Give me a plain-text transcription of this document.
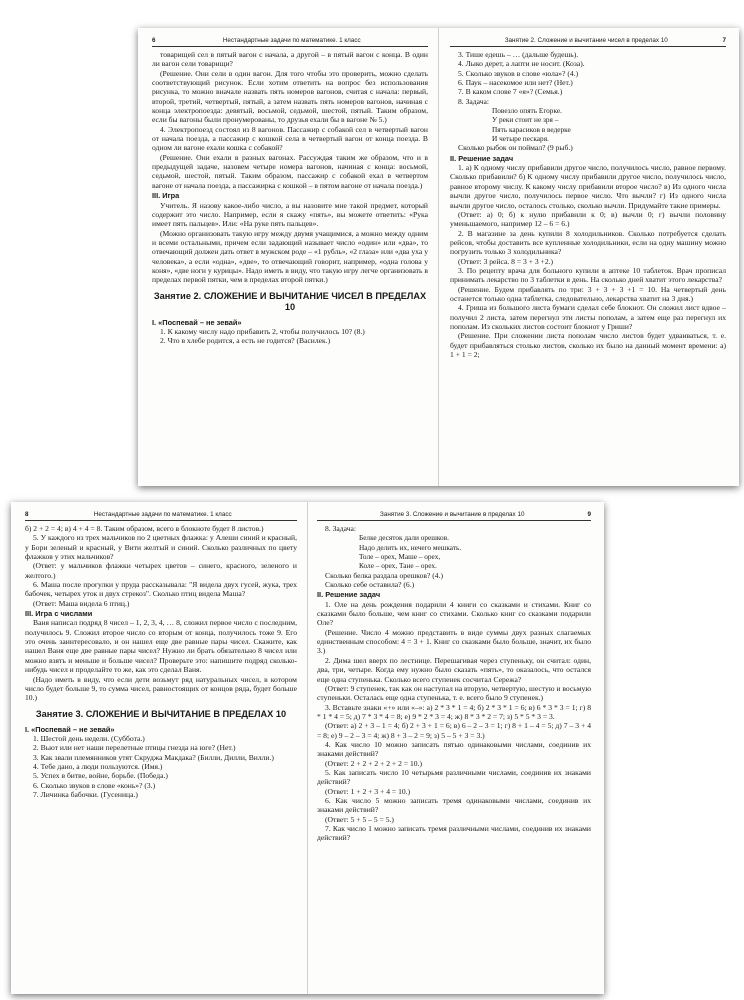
6	Нестандартные задачи по математике. 1 класс

товарищей сел в пятый вагон с начала, а другой – в пятый вагон с конца. В один ли вагон сели товарищи?

(Решение. Они сели в один вагон. Для того чтобы это проверить, можно сделать соответствующий рисунок. Если хотим ответить на вопрос без использования рисунка, то можно вначале назвать пять номеров вагонов, считая с начала: первый, второй, третий, четвертый, пятый, а затем назвать пять номеров вагонов, начиная с конца электропоезда: девятый, восьмой, седьмой, шестой, пятый. Таким образом, если бы вагоны были пронумерованы, то друзья ехали бы в вагоне № 5.)

4. Электропоезд состоял из 8 вагонов. Пассажир с собакой сел в четвертый вагон от начала поезда, а пассажир с кошкой села в четвертый вагон от конца поезда. В одном ли вагоне ехали кошка с собакой?

(Решение. Они ехали в разных вагонах. Рассуждая таким же образом, что и в предыдущей задаче, назовем четыре номера вагонов, начиная с конца: восьмой, седьмой, шестой, пятый. Таким образом, пассажир с собакой ехал в четвертом вагоне от начала поезда, а пассажирка с кошкой – в пятом вагоне от начала поезда.)

III. Игра

Учитель. Я назову какое-либо число, а вы назовите мне такой предмет, который содержит это число. Например, если я скажу «пять», вы можете ответить: «Рука имеет пять пальцев». Или: «На руке пять пальцев».

(Можно организовать такую игру между двумя учащимися, а можно между одним и всеми остальными, причем если задающий называет число «один» или «два», то отвечающий должен дать ответ в мужском роде – «1 рубль», «2 глаза» или «два уха у человека», а если «одна», «две», то отвечающий говорит, например, «одна голова у коня», «две ноги у курицы». Надо иметь в виду, что такую игру легче организовать в пределах первой пятки, чем в пределах второй пятки.)

Занятие 2. СЛОЖЕНИЕ И ВЫЧИТАНИЕ ЧИСЕЛ В ПРЕДЕЛАХ 10

I. «Поспевай – не зевай»

1. К какому числу надо прибавить 2, чтобы получилось 10? (8.)

2. Что в хлебе родится, а есть не годится? (Василек.)

Занятие 2. Сложение и вычитание чисел в пределах 10	7

3. Тише едешь – … (дальше будешь).

4. Лыко дерет, а лапти не носит. (Коза).

5. Сколько звуков в слове «юла»? (4.)

6. Паук – насекомое или нет? (Нет.)

7. В каком слове 7 «я»? (Семья.)

8. Задача:

Повезло опять Егорке.

У реки стоит не зря –

Пять карасиков в ведерке

И четыре пескаря.

Сколько рыбок он поймал? (9 рыб.)

II. Решение задач

1. а) К одному числу прибавили другое число, получилось число, равное первому. Сколько прибавили? б) К одному числу прибавили другое число, получилось число, равное второму числу. К какому числу прибавили второе число? в) Из одного числа вычли другое число, получилось первое число. Что вычли? г) Из одного числа вычли другое число, осталось столько, сколько вычли. Придумайте такие примеры.

(Ответ: а) 0; б) к нулю прибавили к 0; в) вычли 0; г) вычли половину уменьшаемого, например 12 – 6 = 6.)

2. В магазине за день купили 8 холодильников. Сколько потребуется сделать рейсов, чтобы доставить все купленные холодильники, если на одну машину можно погрузить только 3 холодильника?

(Ответ: 3 рейса. 8 = 3 + 3 +2.)

3. По рецепту врача для больного купили в аптеке 10 таблеток. Врач прописал принимать лекарство по 3 таблетки в день. На сколько дней хватит этого лекарства?

(Решение. Будем прибавлять по три: 3 + 3 + 3 +1 = 10. На четвертый день останется только одна таблетка, следовательно, лекарства хватит на 3 дня.)

4. Гриша из большого листа бумаги сделал себе блокнот. Он сложил лист вдвое – получил 2 листа, затем перегнул эти листы пополам, а затем еще раз перегнул их пополам. Из скольких листов состоит блокнот у Гриши?

(Решение. При сложении листа пополам число листов будет удваиваться, т. е. будет прибавляться столько листов, сколько их было на данный момент времени: а) 1 + 1 = 2;

8	Нестандартные задачи по математике. 1 класс

б) 2 + 2 = 4; в) 4 + 4 = 8. Таким образом, всего в блокноте будет 8 листов.)

5. У каждого из трех мальчиков по 2 цветных флажка: у Алеши синий и красный, у Бори зеленый и красный, у Вити желтый и синий. Сколько различных по цвету флажков у этих мальчиков?

(Ответ: у мальчиков флажки четырех цветов – синего, красного, зеленого и желтого.)

6. Маша после прогулки у пруда рассказывала: "Я видела двух гусей, жука, трех бабочек, четырех уток и двух стрекоз". Сколько птиц видела Маша?

(Ответ: Маша видела 6 птиц.)

III. Игра с числами

Ваня написал подряд 8 чисел – 1, 2, 3, 4, … 8, сложил первое число с последним, получилось 9. Сложил второе число со вторым от конца, получилось тоже 9. Его это очень заинтересовало, и он нашел еще две равные пары чисел. Скажите, как нашел Ваня еще две равные пары чисел? Нужно ли брать обязательно 8 чисел или можно взять и меньше и больше чисел? Проверьте это: напишите подряд сколько-нибудь чисел и проделайте то же, как это сделал Ваня.

(Надо иметь в виду, что если дети возьмут ряд натуральных чисел, в котором число будет больше 9, то сумма чисел, равностоящих от концов ряда, будет больше 10.)

Занятие 3. СЛОЖЕНИЕ И ВЫЧИТАНИЕ В ПРЕДЕЛАХ 10

I. «Поспевай – не зевай»

1. Шестой день недели. (Суббота.)

2. Вьют или нет наши перелетные птицы гнезда на юге? (Нет.)

3. Как звали племянников утят Скруджа Макдака? (Билли, Дилли, Вилли.)

4. Тебе дано, а люди пользуются. (Имя.)

5. Успех в битве, войне, борьбе. (Победа.)

6. Сколько звуков в слове «конь»? (3.)

7. Личинка бабочки. (Гусеница.)

Занятие 3. Сложение и вычитание в пределах 10	9

8. Задача:

Белке десяток дали орешков.

Надо делить их, нечего мешкать.

Толе – орех, Маше – орех,

Коле – орех, Тане – орех.

Сколько белка раздала орешков? (4.)

Сколько себе оставила? (6.)

II. Решение задач

1. Оле на день рождения подарили 4 книги со сказками и стихами. Книг со сказками было больше, чем книг со стихами. Сколько книг со сказками подарили Оле?

(Решение. Число 4 можно представить в виде суммы двух разных слагаемых единственным способом: 4 = 3 + 1. Книг со сказками было больше, значит, их было 3.)

2. Дима шел вверх по лестнице. Перешагивая через ступеньку, он считал: один, два, три, четыре. Когда ему нужно было сказать «пять», то оказалось, что остался еще одна ступенька. Сколько всего ступенек сосчитал Сережа?

(Ответ: 9 ступенек, так как он наступал на вторую, четвертую, шестую и восьмую ступеньки. Осталась еще одна ступенька, т. е. всего было 9 ступенек.)

3. Вставьте знаки «+» или «–»: а) 2 * 3 * 1 = 4; б) 2 * 3 * 1 = 6; в) 6 * 3 * 3 = 1; г) 8 * 1 * 4 = 5; д) 7 * 3 * 4 = 8; е) 9 * 2 * 3 = 4; ж) 8 * 3 * 2 = 7; з) 5 * 5 * 3 = 3.

(Ответ: а) 2 + 3 – 1 = 4; б) 2 + 3 + 1 = 6; в) 6 – 2 – 3 = 1; г) 8 + 1 – 4 = 5; д) 7 – 3 + 4 = 8; е) 9 – 2 – 3 = 4; ж) 8 + 3 – 2 = 9; з) 5 – 5 + 3 = 3.)

4. Как число 10 можно записать пятью одинаковыми числами, соединив их знаками действий?

(Ответ: 2 + 2 + 2 + 2 + 2 = 10.)

5. Как записать число 10 четырьмя различными числами, соединив их знаками действий?

(Ответ: 1 + 2 + 3 + 4 = 10.)

6. Как число 5 можно записать тремя одинаковыми числами, соединив их знаками действий?

(Ответ: 5 + 5 – 5 = 5.)

7. Как число 1 можно записать тремя различными числами, соединив их знаками действий?
